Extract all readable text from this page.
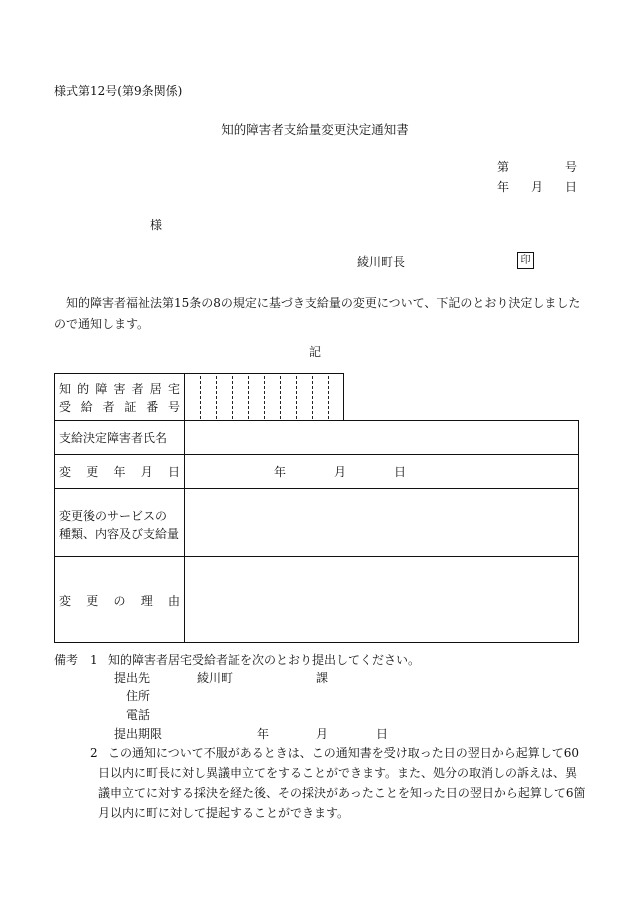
様式第12号(第9条関係)
知的障害者支給量変更決定通知書
第	号
年 月 日
様
綾川町長	印
知的障害者福祉法第15条の8の規定に基づき支給量の変更について、下記のとおり決定しましたので通知します。
記
知 的 障 害 者 居 宅
受 給 者 証 番 号
支給決定障害者氏名
変 更 年 月 日	年	月	日
変更後のサービスの
種類、内容及び支給量
変 更 の 理 由
備考 1 知的障害者居宅受給者証を次のとおり提出してください。
提出先	綾川町	課
住所
電話
提出期限	年	月	日
2 この通知について不服があるときは、この通知書を受け取った日の翌日から起算して60
日以内に町長に対し異議申立てをすることができます。また、処分の取消しの訴えは、異
議申立てに対する採決を経た後、その採決があったことを知った日の翌日から起算して6箇
月以内に町に対して提起することができます。
